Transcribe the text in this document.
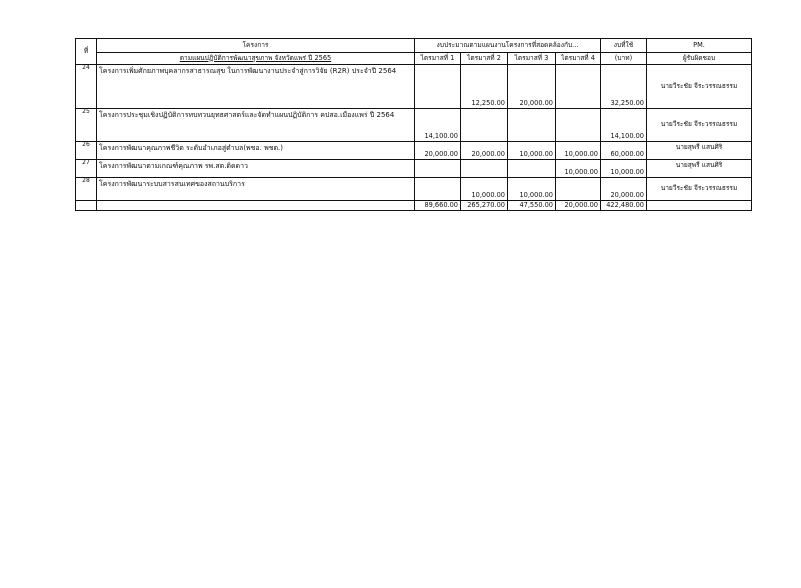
ที่	โครงการ	งบประมาณตามแผนงานโครงการที่สอดคล้องกับ...				งบที่ใช้	PM.
	ตามแผนปฏิบัติการพัฒนาสุขภาพ จังหวัดแพร่ ปี 2565	ไตรมาสที่ 1	ไตรมาสที่ 2	ไตรมาสที่ 3	ไตรมาสที่ 4	(บาท)	ผู้รับผิดชอบ
24	โครงการเพิ่มศักยภาพบุคลากรสาธารณสุข ในการพัฒนางานประจำสู่การวิจัย (R2R) ประจำปี 2564		12,250.00	20,000.00		32,250.00	นายวีระชัย จีระวรรณธรรม
25	โครงการประชุมเชิงปฏิบัติการทบทวนยุทธศาสตร์และจัดทำแผนปฏิบัติการ คปสอ.เมืองแพร่ ปี 2564	14,100.00				14,100.00	นายวีระชัย จีระวรรณธรรม
26	โครงการพัฒนาคุณภาพชีวิต ระดับอำเภอสู่ตำบล(พชอ. พชต.)	20,000.00	20,000.00	10,000.00	10,000.00	60,000.00	นายสุพรี แสนศิริ
27	โครงการพัฒนาตามเกณฑ์คุณภาพ รพ.สต.ติดดาว				10,000.00	10,000.00	นายสุพรี แสนศิริ
28	โครงการพัฒนาระบบสารสนเทศของสถานบริการ		10,000.00	10,000.00		20,000.00	นายวีระชัย จีระวรรณธรรม
		89,660.00	265,270.00	47,550.00	20,000.00	422,480.00	
